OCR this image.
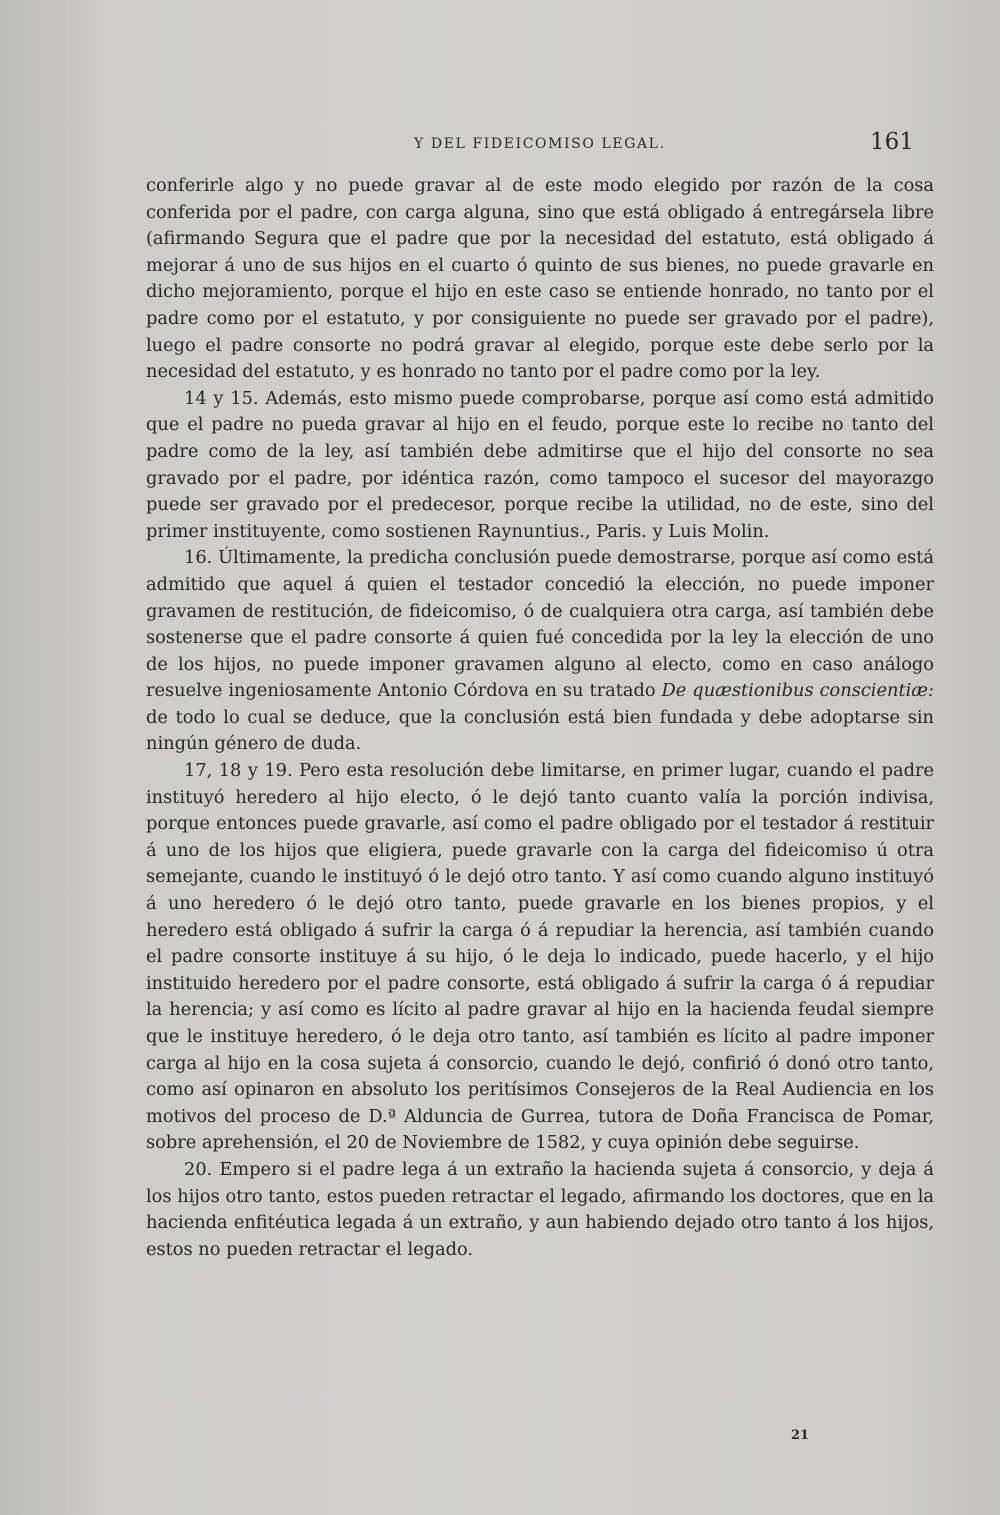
Y DEL FIDEICOMISO LEGAL.	161

conferirle algo y no puede gravar al de este modo elegido por razón de la cosa conferida por el padre, con carga alguna, sino que está obligado á entregársela libre (afirmando Segura que el padre que por la necesidad del estatuto, está obligado á mejorar á uno de sus hijos en el cuarto ó quinto de sus bienes, no puede gravarle en dicho mejoramiento, porque el hijo en este caso se entiende honrado, no tanto por el padre como por el estatuto, y por consiguiente no puede ser gravado por el padre), luego el padre consorte no podrá gravar al elegido, porque este debe serlo por la necesidad del estatuto, y es honrado no tanto por el padre como por la ley.

14 y 15. Además, esto mismo puede comprobarse, porque así como está admitido que el padre no pueda gravar al hijo en el feudo, porque este lo recibe no tanto del padre como de la ley, así también debe admitirse que el hijo del consorte no sea gravado por el padre, por idéntica razón, como tampoco el sucesor del mayorazgo puede ser gravado por el predecesor, porque recibe la utilidad, no de este, sino del primer instituyente, como sostienen Raynuntius., Paris. y Luis Molin.

16. Últimamente, la predicha conclusión puede demostrarse, porque así como está admitido que aquel á quien el testador concedió la elección, no puede imponer gravamen de restitución, de fideicomiso, ó de cualquiera otra carga, así también debe sostenerse que el padre consorte á quien fué concedida por la ley la elección de uno de los hijos, no puede imponer gravamen alguno al electo, como en caso análogo resuelve ingeniosamente Antonio Córdova en su tratado De quæstionibus conscientiæ: de todo lo cual se deduce, que la conclusión está bien fundada y debe adoptarse sin ningún género de duda.

17, 18 y 19. Pero esta resolución debe limitarse, en primer lugar, cuando el padre instituyó heredero al hijo electo, ó le dejó tanto cuanto valía la porción indivisa, porque entonces puede gravarle, así como el padre obligado por el testador á restituir á uno de los hijos que eligiera, puede gravarle con la carga del fideicomiso ú otra semejante, cuando le instituyó ó le dejó otro tanto. Y así como cuando alguno instituyó á uno heredero ó le dejó otro tanto, puede gravarle en los bienes propios, y el heredero está obligado á sufrir la carga ó á repudiar la herencia, así también cuando el padre consorte instituye á su hijo, ó le deja lo indicado, puede hacerlo, y el hijo instituido heredero por el padre consorte, está obligado á sufrir la carga ó á repudiar la herencia; y así como es lícito al padre gravar al hijo en la hacienda feudal siempre que le instituye heredero, ó le deja otro tanto, así también es lícito al padre imponer carga al hijo en la cosa sujeta á consorcio, cuando le dejó, confirió ó donó otro tanto, como así opinaron en absoluto los peritísimos Consejeros de la Real Audiencia en los motivos del proceso de D.ª Alduncia de Gurrea, tutora de Doña Francisca de Pomar, sobre aprehensión, el 20 de Noviembre de 1582, y cuya opinión debe seguirse.

20. Empero si el padre lega á un extraño la hacienda sujeta á consorcio, y deja á los hijos otro tanto, estos pueden retractar el legado, afirmando los doctores, que en la hacienda enfitéutica legada á un extraño, y aun habiendo dejado otro tanto á los hijos, estos no pueden retractar el legado.

21
